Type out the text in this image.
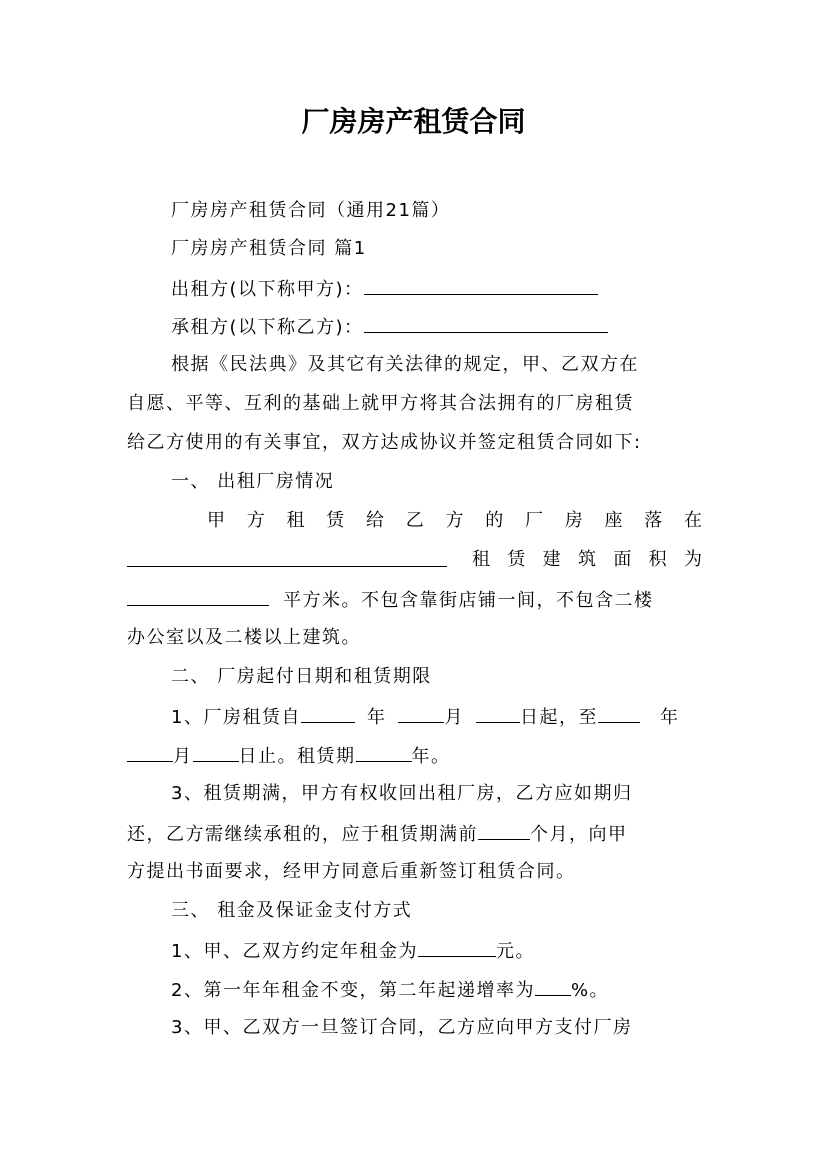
厂房房产租赁合同
厂房房产租赁合同（通用21篇）
厂房房产租赁合同 篇1
出租方(以下称甲方)：
承租方(以下称乙方)：
根据《民法典》及其它有关法律的规定，甲、乙双方在
自愿、平等、互利的基础上就甲方将其合法拥有的厂房租赁
给乙方使用的有关事宜，双方达成协议并签定租赁合同如下:
一、 出租厂房情况
甲 方 租 赁 给 乙 方 的 厂 房 座 落 在
租 赁 建 筑 面 积 为
平方米。不包含靠街店铺一间，不包含二楼
办公室以及二楼以上建筑。
二、 厂房起付日期和租赁期限
1、厂房租赁自	年	月	日起，至	年
月	日止。租赁期	年。
3、租赁期满，甲方有权收回出租厂房，乙方应如期归
还，乙方需继续承租的，应于租赁期满前	个月，向甲
方提出书面要求，经甲方同意后重新签订租赁合同。
三、 租金及保证金支付方式
1、甲、乙双方约定年租金为	元。
2、第一年年租金不变，第二年起递增率为 %。
3、甲、乙双方一旦签订合同，乙方应向甲方支付厂房
